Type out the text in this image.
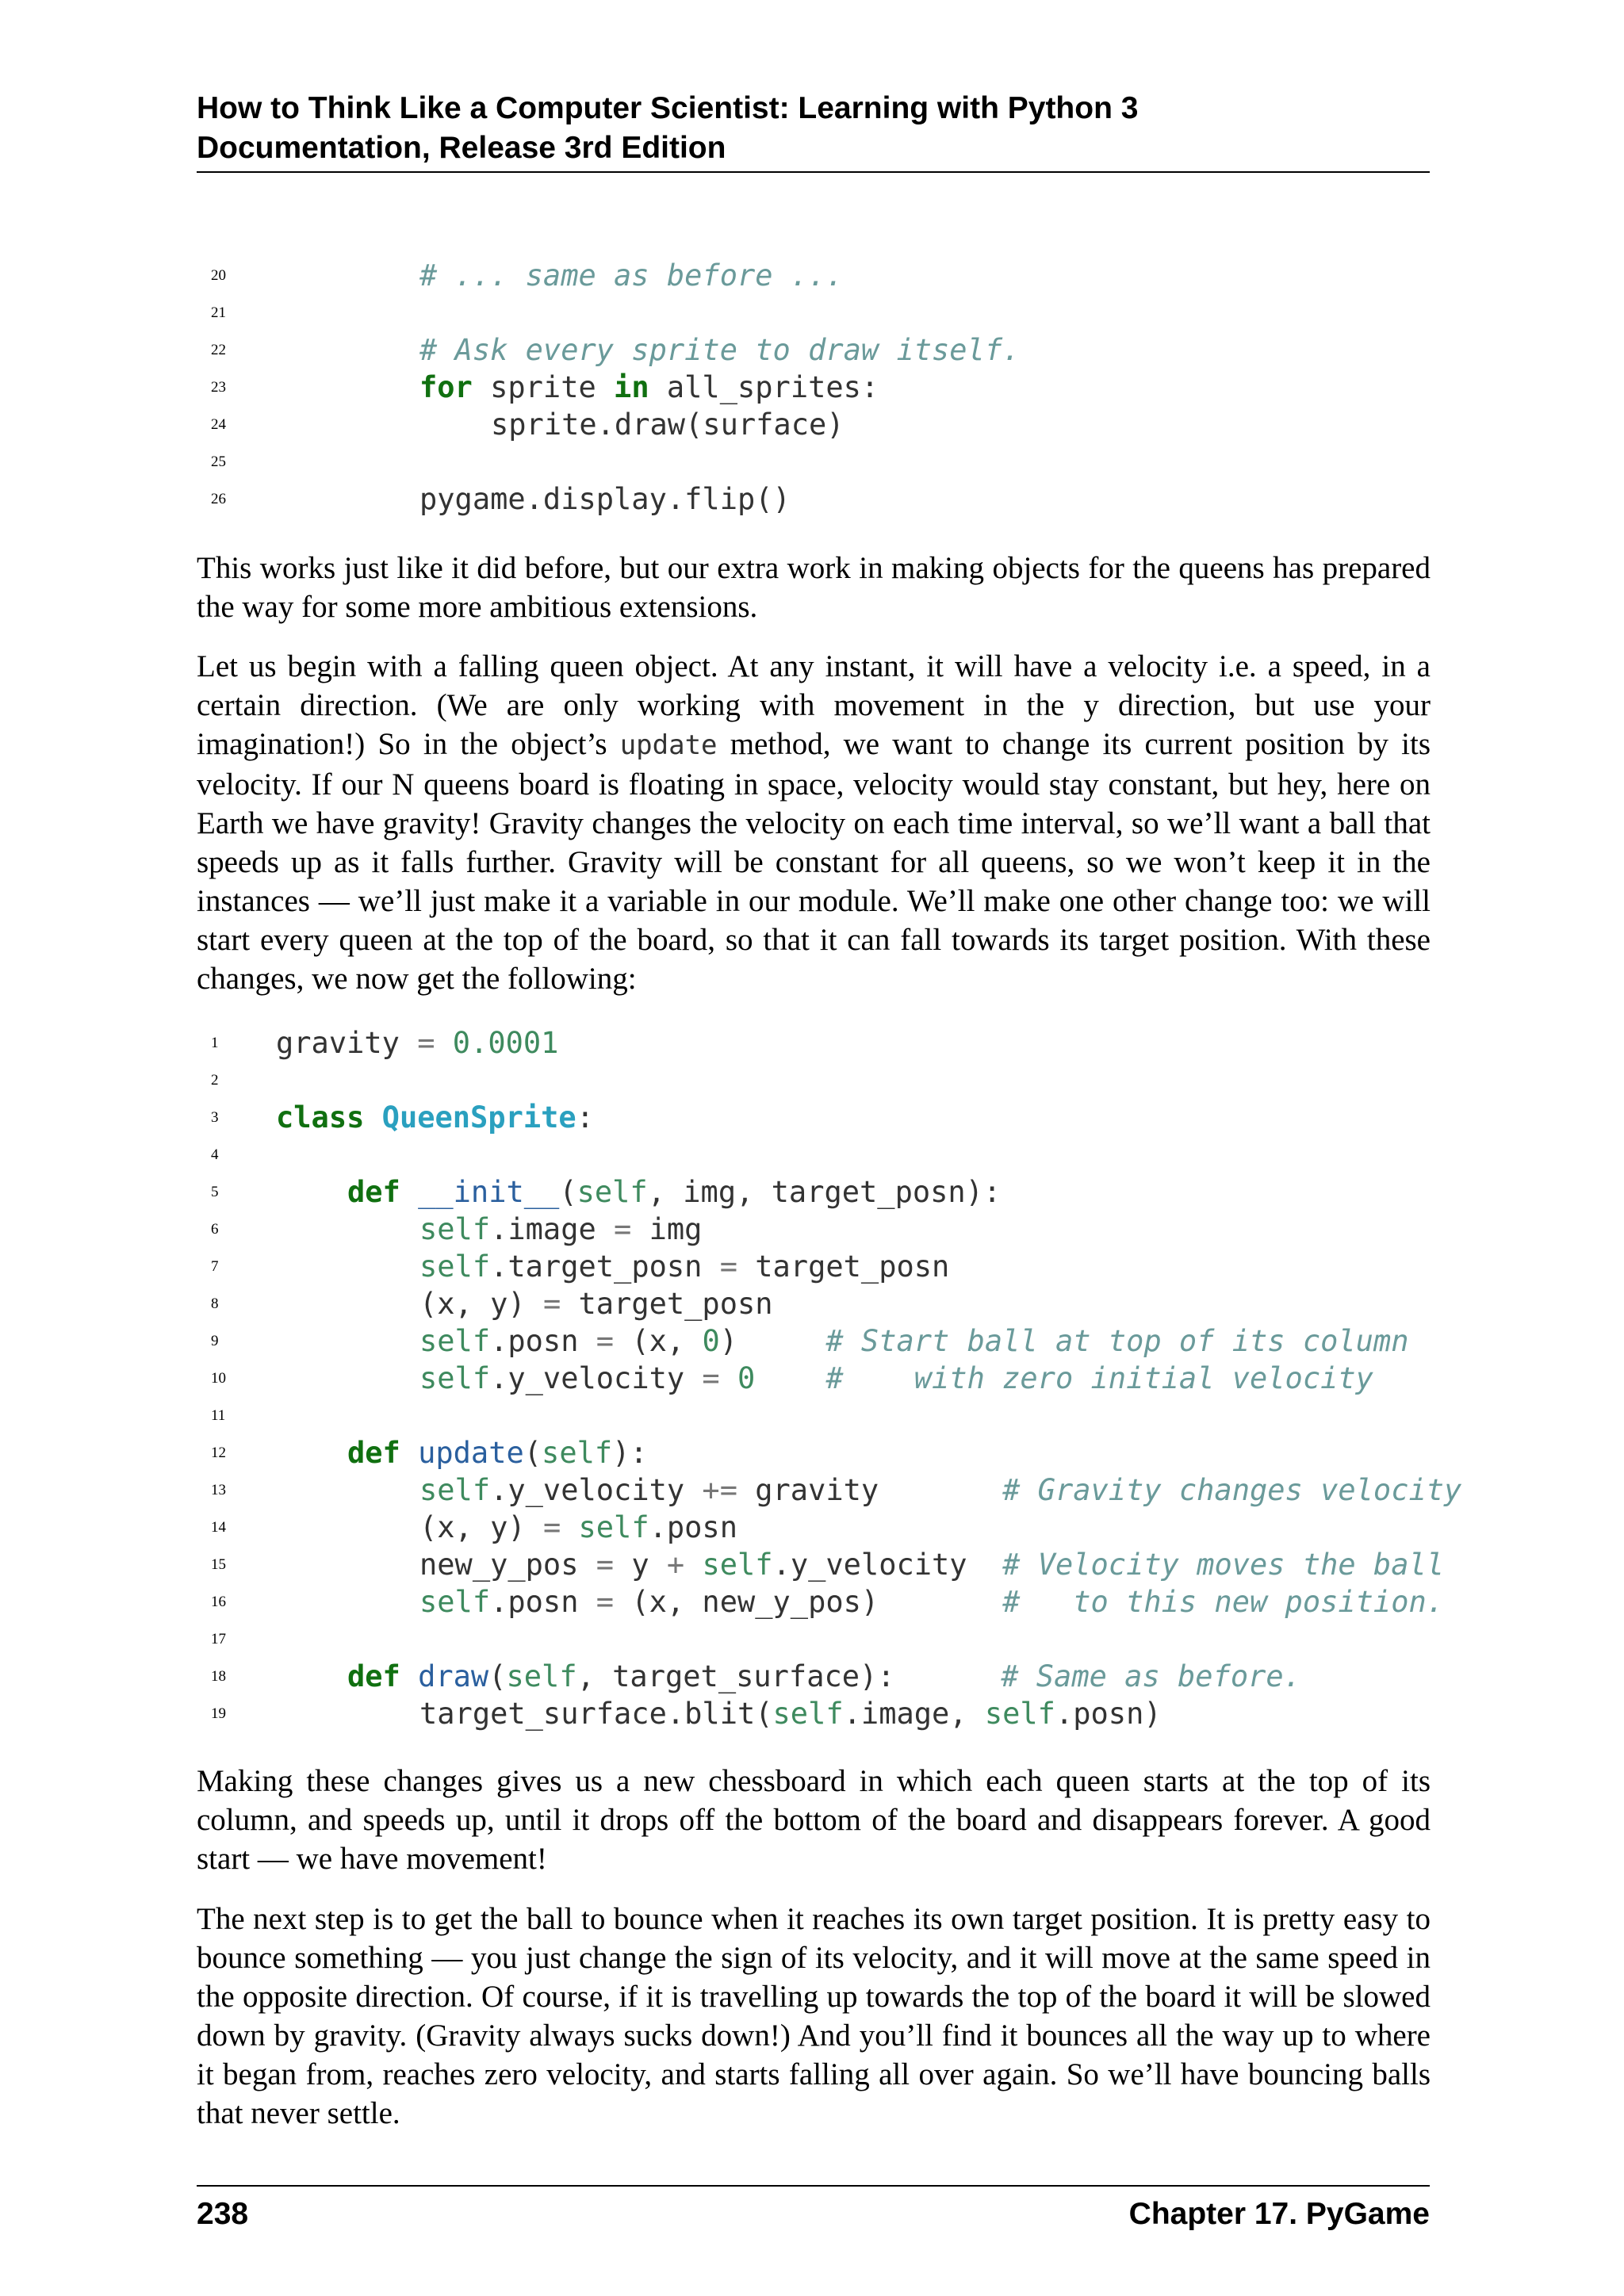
How to Think Like a Computer Scientist: Learning with Python 3
Documentation, Release 3rd Edition
20	# ... same as before ...
21
22	# Ask every sprite to draw itself.
23	for sprite in all_sprites:
24	sprite.draw(surface)
25
26	pygame.display.flip()

This works just like it did before, but our extra work in making objects for the queens has prepared the way for some more ambitious extensions.

Let us begin with a falling queen object. At any instant, it will have a velocity i.e. a speed, in a certain direction. (We are only working with movement in the y direction, but use your imagination!) So in the object’s update method, we want to change its current position by its velocity. If our N queens board is floating in space, velocity would stay constant, but hey, here on Earth we have gravity! Gravity changes the velocity on each time interval, so we’ll want a ball that speeds up as it falls further. Gravity will be constant for all queens, so we won’t keep it in the instances — we’ll just make it a variable in our module. We’ll make one other change too: we will start every queen at the top of the board, so that it can fall towards its target position. With these changes, we now get the following:

1	gravity = 0.0001
2
3	class QueenSprite:
4
5	def __init__(self, img, target_posn):
6	self.image = img
7	self.target_posn = target_posn
8	(x, y) = target_posn
9	self.posn = (x, 0)     # Start ball at top of its column
10	self.y_velocity = 0 #    with zero initial velocity
11
12	def update(self):
13	self.y_velocity += gravity       # Gravity changes velocity
14	(x, y) = self.posn
15	new_y_pos = y + self.y_velocity  # Velocity moves the ball
16	self.posn = (x, new_y_pos)       #   to this new position.
17
18	def draw(self, target_surface):      # Same as before.
19	target_surface.blit(self.image, self.posn)

Making these changes gives us a new chessboard in which each queen starts at the top of its column, and speeds up, until it drops off the bottom of the board and disappears forever. A good start — we have movement!

The next step is to get the ball to bounce when it reaches its own target position. It is pretty easy to bounce something — you just change the sign of its velocity, and it will move at the same speed in the opposite direction. Of course, if it is travelling up towards the top of the board it will be slowed down by gravity. (Gravity always sucks down!) And you’ll find it bounces all the way up to where it began from, reaches zero velocity, and starts falling all over again. So we’ll have bouncing balls that never settle.

238	Chapter 17. PyGame
